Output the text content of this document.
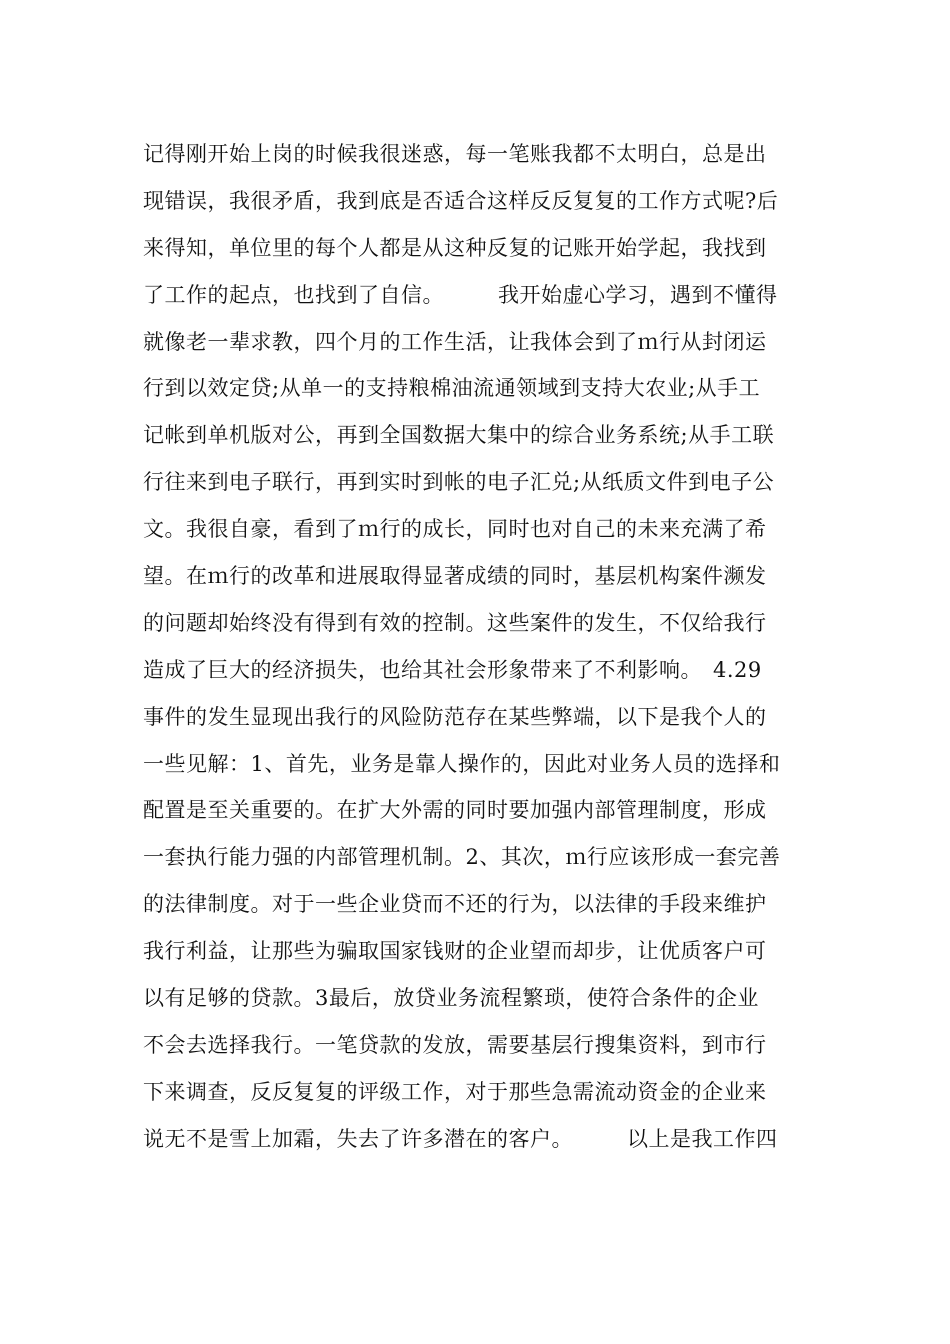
记得刚开始上岗的时候我很迷惑，每一笔账我都不太明白，总是出
现错误，我很矛盾，我到底是否适合这样反反复复的工作方式呢?后
来得知，单位里的每个人都是从这种反复的记账开始学起，我找到
了工作的起点，也找到了自信。　　　我开始虚心学习，遇到不懂得
就像老一辈求教，四个月的工作生活，让我体会到了ｍ行从封闭运
行到以效定贷;从单一的支持粮棉油流通领域到支持大农业;从手工
记帐到单机版对公，再到全国数据大集中的综合业务系统;从手工联
行往来到电子联行，再到实时到帐的电子汇兑;从纸质文件到电子公
文。我很自豪，看到了ｍ行的成长，同时也对自己的未来充满了希
望。在ｍ行的改革和进展取得显著成绩的同时，基层机构案件濒发
的问题却始终没有得到有效的控制。这些案件的发生，不仅给我行
造成了巨大的经济损失，也给其社会形象带来了不利影响。　4.29
事件的发生显现出我行的风险防范存在某些弊端，以下是我个人的
一些见解：1、首先，业务是靠人操作的，因此对业务人员的选择和
配置是至关重要的。在扩大外需的同时要加强内部管理制度，形成
一套执行能力强的内部管理机制。2、其次，ｍ行应该形成一套完善
的法律制度。对于一些企业贷而不还的行为，以法律的手段来维护
我行利益，让那些为骗取国家钱财的企业望而却步，让优质客户可
以有足够的贷款。3最后，放贷业务流程繁琐，使符合条件的企业
不会去选择我行。一笔贷款的发放，需要基层行搜集资料，到市行
下来调查，反反复复的评级工作，对于那些急需流动资金的企业来
说无不是雪上加霜，失去了许多潜在的客户。　　　以上是我工作四
